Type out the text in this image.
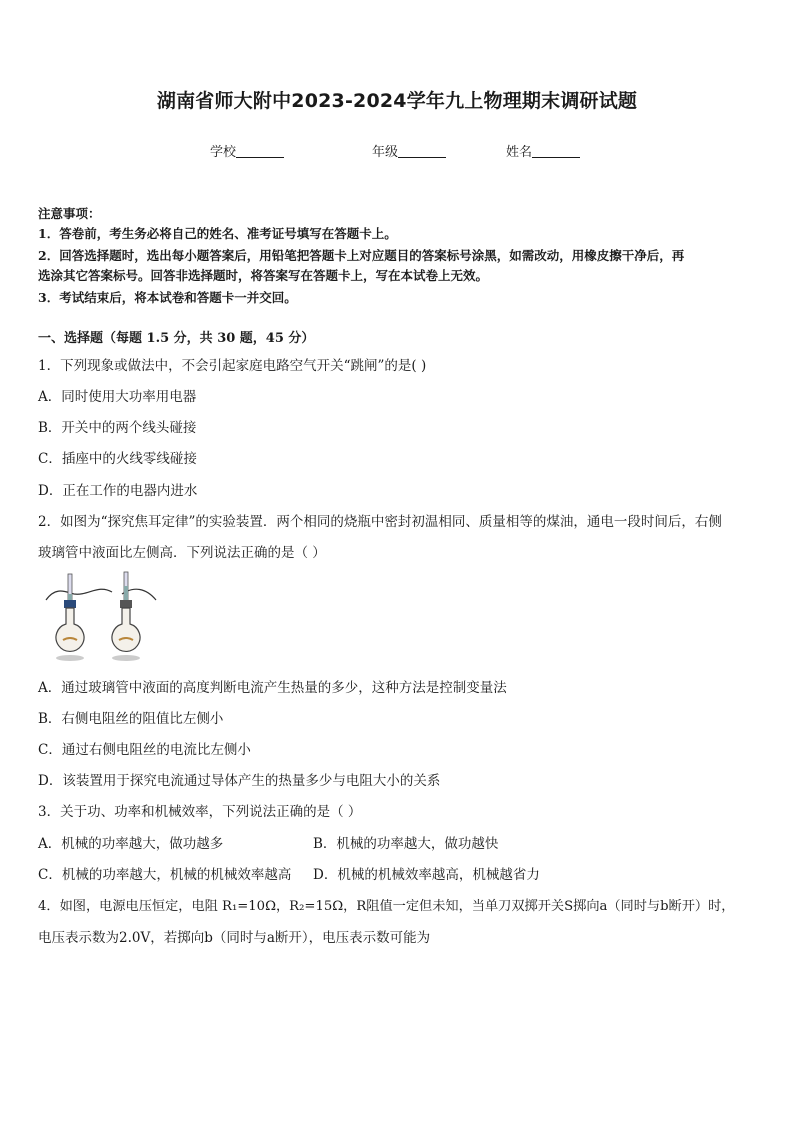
湖南省师大附中2023-2024学年九上物理期末调研试题
学校	年级	姓名
注意事项：
1．答卷前，考生务必将自己的姓名、准考证号填写在答题卡上。
2．回答选择题时，选出每小题答案后，用铅笔把答题卡上对应题目的答案标号涂黑，如需改动，用橡皮擦干净后，再
选涂其它答案标号。回答非选择题时，将答案写在答题卡上，写在本试卷上无效。
3．考试结束后，将本试卷和答题卡一并交回。
一、选择题（每题 1.5 分，共 30 题，45 分）
1．下列现象或做法中，不会引起家庭电路空气开关“跳闸”的是( )
A．同时使用大功率用电器
B．开关中的两个线头碰接
C．插座中的火线零线碰接
D．正在工作的电器内进水
2．如图为“探究焦耳定律”的实验装置．两个相同的烧瓶中密封初温相同、质量相等的煤油，通电一段时间后，右侧
玻璃管中液面比左侧高．下列说法正确的是（ ）
A．通过玻璃管中液面的高度判断电流产生热量的多少，这种方法是控制变量法
B．右侧电阻丝的阻值比左侧小
C．通过右侧电阻丝的电流比左侧小
D．该装置用于探究电流通过导体产生的热量多少与电阻大小的关系
3．关于功、功率和机械效率，下列说法正确的是（ ）
A．机械的功率越大，做功越多	B．机械的功率越大，做功越快
C．机械的功率越大，机械的机械效率越高 D．机械的机械效率越高，机械越省力
4．如图，电源电压恒定，电阻 R₁=10Ω，R₂=15Ω，R阻值一定但未知，当单刀双掷开关S掷向a（同时与b断开）时，
电压表示数为2.0V，若掷向b（同时与a断开），电压表示数可能为
